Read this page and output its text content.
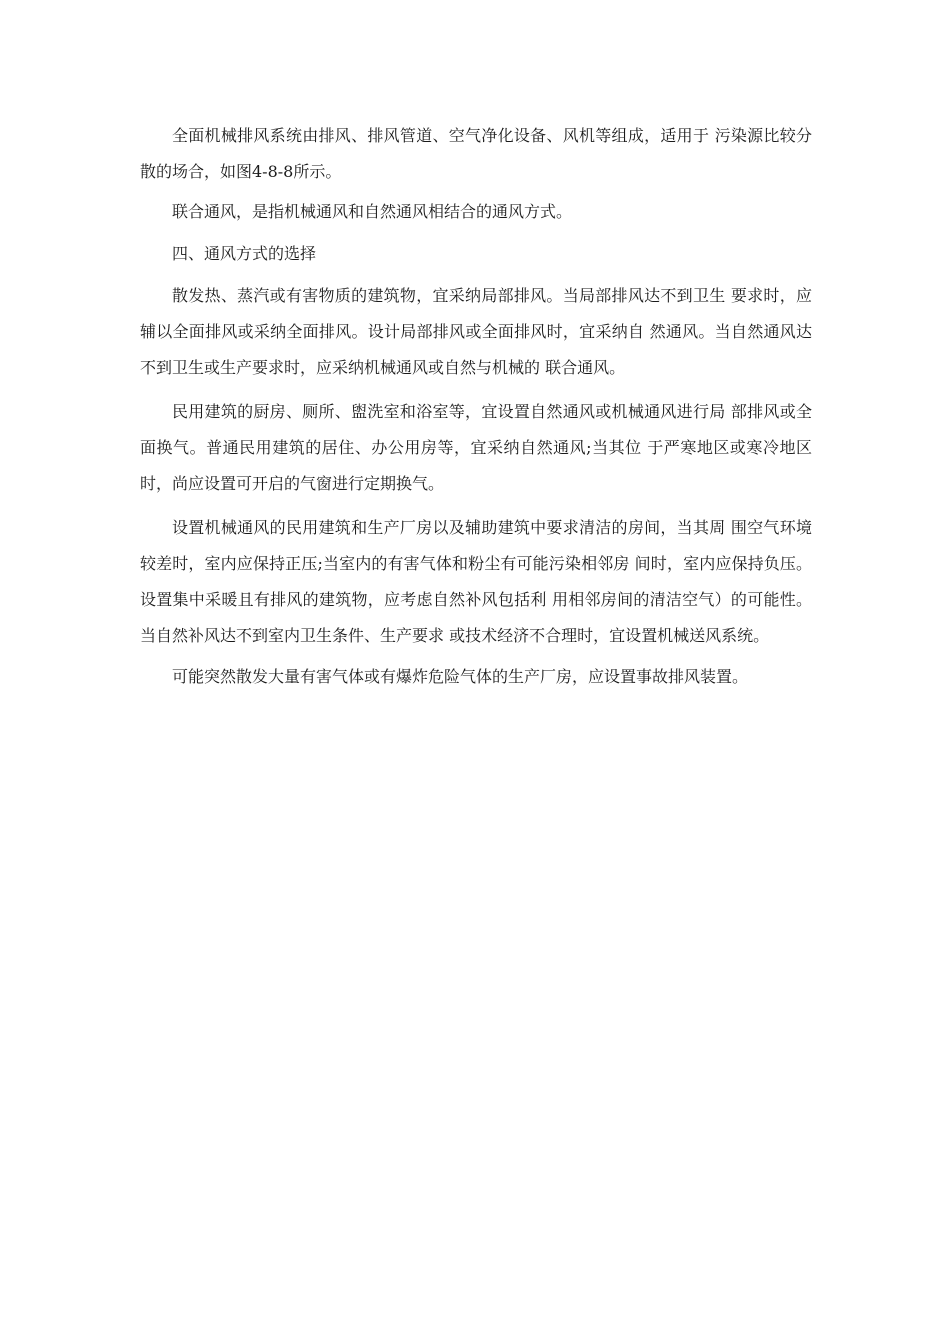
全面机械排风系统由排风、排风管道、空气净化设备、风机等组成，适用于 污染源比较分散的场合，如图4-8-8所示。

联合通风，是指机械通风和自然通风相结合的通风方式。

四、通风方式的选择

散发热、蒸汽或有害物质的建筑物，宜采纳局部排风。当局部排风达不到卫生 要求时，应辅以全面排风或采纳全面排风。设计局部排风或全面排风时，宜采纳自 然通风。当自然通风达不到卫生或生产要求时，应采纳机械通风或自然与机械的 联合通风。

民用建筑的厨房、厕所、盥洗室和浴室等，宜设置自然通风或机械通风进行局 部排风或全面换气。普通民用建筑的居住、办公用房等，宜采纳自然通风;当其位 于严寒地区或寒冷地区时，尚应设置可开启的气窗进行定期换气。

设置机械通风的民用建筑和生产厂房以及辅助建筑中要求清洁的房间，当其周 围空气环境较差时，室内应保持正压;当室内的有害气体和粉尘有可能污染相邻房 间时，室内应保持负压。设置集中采暖且有排风的建筑物，应考虑自然补风包括利 用相邻房间的清洁空气）的可能性。当自然补风达不到室内卫生条件、生产要求 或技术经济不合理时，宜设置机械送风系统。

可能突然散发大量有害气体或有爆炸危险气体的生产厂房，应设置事故排风装置。
